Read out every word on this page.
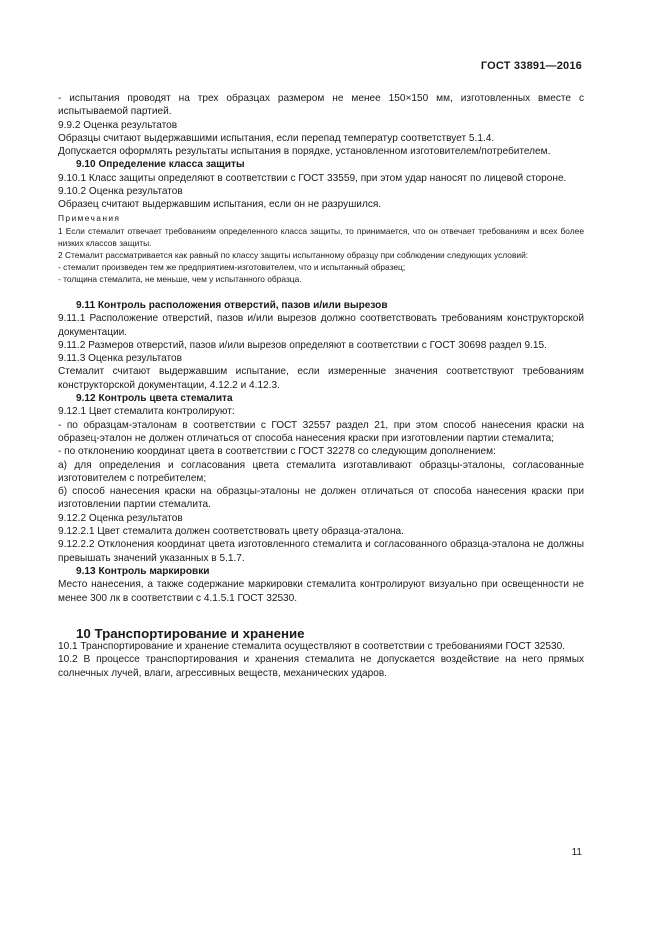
ГОСТ 33891—2016

- испытания проводят на трех образцах размером не менее 150×150 мм, изготовленных вместе с испытываемой партией.

9.9.2 Оценка результатов

Образцы считают выдержавшими испытания, если перепад температур соответствует 5.1.4.

Допускается оформлять результаты испытания в порядке, установленном изготовителем/потребителем.

9.10 Определение класса защиты

9.10.1 Класс защиты определяют в соответствии с ГОСТ 33559, при этом удар наносят по лицевой стороне.

9.10.2 Оценка результатов

Образец считают выдержавшим испытания, если он не разрушился.

Примечания

1 Если стемалит отвечает требованиям определенного класса защиты, то принимается, что он отвечает требованиям и всех более низких классов защиты.

2 Стемалит рассматривается как равный по классу защиты испытанному образцу при соблюдении следующих условий:

- стемалит произведен тем же предприятием-изготовителем, что и испытанный образец;

- толщина стемалита, не меньше, чем у испытанного образца.

9.11 Контроль расположения отверстий, пазов и/или вырезов

9.11.1 Расположение отверстий, пазов и/или вырезов должно соответствовать требованиям конструкторской документации.

9.11.2 Размеров отверстий, пазов и/или вырезов определяют в соответствии с ГОСТ 30698 раздел 9.15.

9.11.3 Оценка результатов

Стемалит считают выдержавшим испытание, если измеренные значения соответствуют требованиям конструкторской документации, 4.12.2 и 4.12.3.

9.12 Контроль цвета стемалита

9.12.1 Цвет стемалита контролируют:

- по образцам-эталонам в соответствии с ГОСТ 32557 раздел 21, при этом способ нанесения краски на образец-эталон не должен отличаться от способа нанесения краски при изготовлении партии стемалита;

- по отклонению координат цвета в соответствии с ГОСТ 32278 со следующим дополнением:

а) для определения и согласования цвета стемалита изготавливают образцы-эталоны, согласованные изготовителем с потребителем;

б) способ нанесения краски на образцы-эталоны не должен отличаться от способа нанесения краски при изготовлении партии стемалита.

9.12.2 Оценка результатов

9.12.2.1 Цвет стемалита должен соответствовать цвету образца-эталона.

9.12.2.2 Отклонения координат цвета изготовленного стемалита и согласованного образца-эталона не должны превышать значений указанных в 5.1.7.

9.13 Контроль маркировки

Место нанесения, а также содержание маркировки стемалита контролируют визуально при освещенности не менее 300 лк в соответствии с 4.1.5.1 ГОСТ 32530.

10 Транспортирование и хранение

10.1 Транспортирование и хранение стемалита осуществляют в соответствии с требованиями ГОСТ 32530.

10.2 В процессе транспортирования и хранения стемалита не допускается воздействие на него прямых солнечных лучей, влаги, агрессивных веществ, механических ударов.

11
